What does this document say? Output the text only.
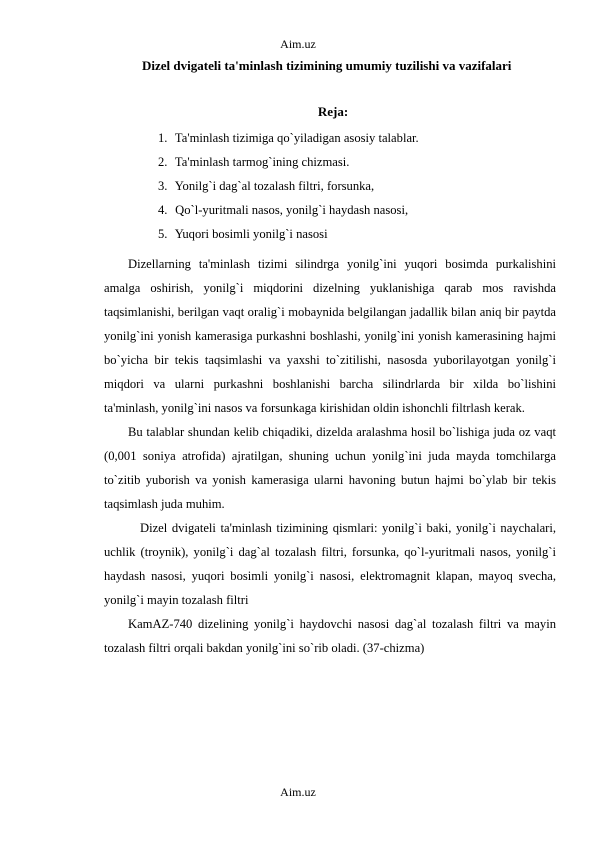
Aim.uz
Dizel dvigateli ta'minlash tizimining umumiy tuzilishi va vazifalari
Reja:
1. Ta'minlash tizimiga qo`yiladigan asosiy talablar.
2. Ta'minlash tarmog`ining chizmasi.
3. Yonilg`i dag`al tozalash filtri, forsunka,
4. Qo`l-yuritmali nasos, yonilg`i haydash nasosi,
5. Yuqori bosimli yonilg`i nasosi

Dizellarning ta'minlash tizimi silindrga yonilg`ini yuqori bosimda purkalishini amalga oshirish, yonilg`i miqdorini dizelning yuklanishiga qarab mos ravishda taqsimlanishi, berilgan vaqt oralig`i mobaynida belgilangan jadallik bilan aniq bir paytda yonilg`ini yonish kamerasiga purkashni boshlashi, yonilg`ini yonish kamerasining hajmi bo`yicha bir tekis taqsimlashi va yaxshi to`zitilishi, nasosda yuborilayotgan yonilg`i miqdori va ularni purkashni boshlanishi barcha silindrlarda bir xilda bo`lishini ta'minlash, yonilg`ini nasos va forsunkaga kirishidan oldin ishonchli filtrlash kerak.

Bu talablar shundan kelib chiqadiki, dizelda aralashma hosil bo`lishiga juda oz vaqt (0,001 soniya atrofida) ajratilgan, shuning uchun yonilg`ini juda mayda tomchilarga to`zitib yuborish va yonish kamerasiga ularni havoning butun hajmi bo`ylab bir tekis taqsimlash juda muhim.

Dizel dvigateli ta'minlash tizimining qismlari: yonilg`i baki, yonilg`i naychalari, uchlik (troynik), yonilg`i dag`al tozalash filtri, forsunka, qo`l-yuritmali nasos, yonilg`i haydash nasosi, yuqori bosimli yonilg`i nasosi, elektromagnit klapan, mayoq svecha, yonilg`i mayin tozalash filtri

KamAZ-740 dizelining yonilg`i haydovchi nasosi dag`al tozalash filtri va mayin tozalash filtri orqali bakdan yonilg`ini so`rib oladi. (37-chizma)

Aim.uz
